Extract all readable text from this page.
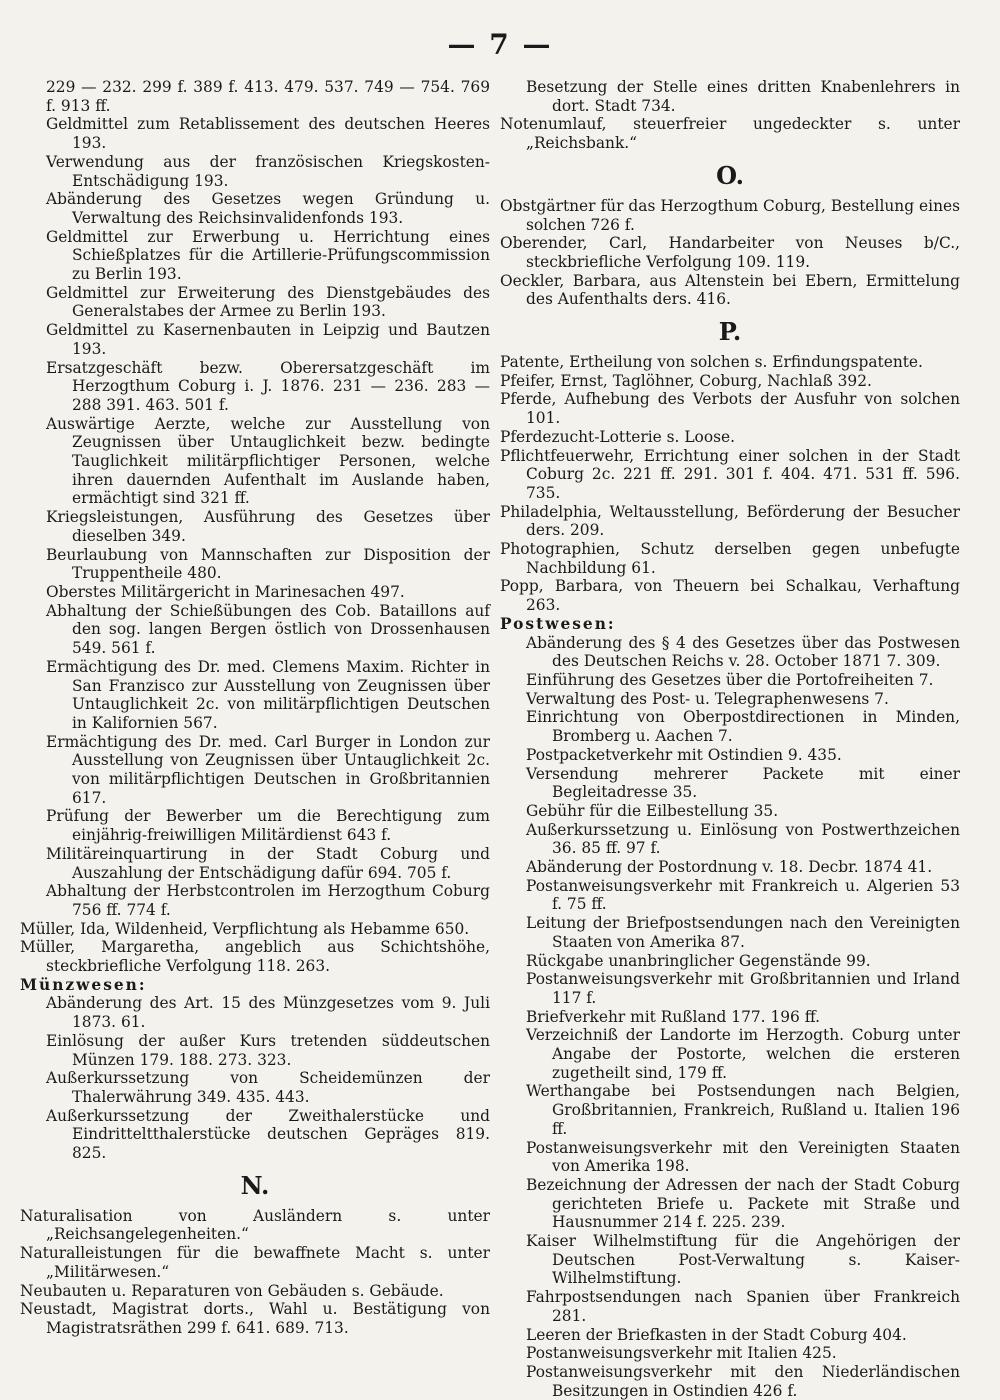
— 7 —

229 — 232. 299 f. 389 f. 413. 479. 537. 749 — 754. 769 f. 913 ff.

Geldmittel zum Retablissement des deutschen Heeres 193.

Verwendung aus der französischen Kriegskosten-Entschädigung 193.

Abänderung des Gesetzes wegen Gründung u. Verwaltung des Reichsinvalidenfonds 193.

Geldmittel zur Erwerbung u. Herrichtung eines Schießplatzes für die Artillerie-Prüfungscommission zu Berlin 193.

Geldmittel zur Erweiterung des Dienstgebäudes des Generalstabes der Armee zu Berlin 193.

Geldmittel zu Kasernenbauten in Leipzig und Bautzen 193.

Ersatzgeschäft bezw. Oberersatzgeschäft im Herzogthum Coburg i. J. 1876. 231 — 236. 283 — 288 391. 463. 501 f.

Auswärtige Aerzte, welche zur Ausstellung von Zeugnissen über Untauglichkeit bezw. bedingte Tauglichkeit militärpflichtiger Personen, welche ihren dauernden Aufenthalt im Auslande haben, ermächtigt sind 321 ff.

Kriegsleistungen, Ausführung des Gesetzes über dieselben 349.

Beurlaubung von Mannschaften zur Disposition der Truppentheile 480.

Oberstes Militärgericht in Marinesachen 497.

Abhaltung der Schießübungen des Cob. Bataillons auf den sog. langen Bergen östlich von Drossenhausen 549. 561 f.

Ermächtigung des Dr. med. Clemens Maxim. Richter in San Franzisco zur Ausstellung von Zeugnissen über Untauglichkeit 2c. von militärpflichtigen Deutschen in Kalifornien 567.

Ermächtigung des Dr. med. Carl Burger in London zur Ausstellung von Zeugnissen über Untauglichkeit 2c. von militärpflichtigen Deutschen in Großbritannien 617.

Prüfung der Bewerber um die Berechtigung zum einjährig-freiwilligen Militärdienst 643 f.

Militäreinquartirung in der Stadt Coburg und Auszahlung der Entschädigung dafür 694. 705 f.

Abhaltung der Herbstcontrolen im Herzogthum Coburg 756 ff. 774 f.

Müller, Ida, Wildenheid, Verpflichtung als Hebamme 650.

Müller, Margaretha, angeblich aus Schichtshöhe, steckbriefliche Verfolgung 118. 263.

Münzwesen:

Abänderung des Art. 15 des Münzgesetzes vom 9. Juli 1873. 61.

Einlösung der außer Kurs tretenden süddeutschen Münzen 179. 188. 273. 323.

Außerkurssetzung von Scheidemünzen der Thalerwährung 349. 435. 443.

Außerkurssetzung der Zweithalerstücke und Eindritteltthalerstücke deutschen Gepräges 819. 825.

N.

Naturalisation von Ausländern s. unter „Reichsangelegenheiten.“

Naturalleistungen für die bewaffnete Macht s. unter „Militärwesen.“

Neubauten u. Reparaturen von Gebäuden s. Gebäude.

Neustadt, Magistrat dorts., Wahl u. Bestätigung von Magistratsräthen 299 f. 641. 689. 713.

Besetzung der Stelle eines dritten Knabenlehrers in dort. Stadt 734.

Notenumlauf, steuerfreier ungedeckter s. unter „Reichsbank.“

O.

Obstgärtner für das Herzogthum Coburg, Bestellung eines solchen 726 f.

Oberender, Carl, Handarbeiter von Neuses b/C., steckbriefliche Verfolgung 109. 119.

Oeckler, Barbara, aus Altenstein bei Ebern, Ermittelung des Aufenthalts ders. 416.

P.

Patente, Ertheilung von solchen s. Erfindungspatente.

Pfeifer, Ernst, Taglöhner, Coburg, Nachlaß 392.

Pferde, Aufhebung des Verbots der Ausfuhr von solchen 101.

Pferdezucht-Lotterie s. Loose.

Pflichtfeuerwehr, Errichtung einer solchen in der Stadt Coburg 2c. 221 ff. 291. 301 f. 404. 471. 531 ff. 596. 735.

Philadelphia, Weltausstellung, Beförderung der Besucher ders. 209.

Photographien, Schutz derselben gegen unbefugte Nachbildung 61.

Popp, Barbara, von Theuern bei Schalkau, Verhaftung 263.

Postwesen:

Abänderung des § 4 des Gesetzes über das Postwesen des Deutschen Reichs v. 28. October 1871 7. 309.

Einführung des Gesetzes über die Portofreiheiten 7.

Verwaltung des Post- u. Telegraphenwesens 7.

Einrichtung von Oberpostdirectionen in Minden, Bromberg u. Aachen 7.

Postpacketverkehr mit Ostindien 9. 435.

Versendung mehrerer Packete mit einer Begleitadresse 35.

Gebühr für die Eilbestellung 35.

Außerkurssetzung u. Einlösung von Postwerthzeichen 36. 85 ff. 97 f.

Abänderung der Postordnung v. 18. Decbr. 1874 41.

Postanweisungsverkehr mit Frankreich u. Algerien 53 f. 75 ff.

Leitung der Briefpostsendungen nach den Vereinigten Staaten von Amerika 87.

Rückgabe unanbringlicher Gegenstände 99.

Postanweisungsverkehr mit Großbritannien und Irland 117 f.

Briefverkehr mit Rußland 177. 196 ff.

Verzeichniß der Landorte im Herzogth. Coburg unter Angabe der Postorte, welchen die ersteren zugetheilt sind, 179 ff.

Werthangabe bei Postsendungen nach Belgien, Großbritannien, Frankreich, Rußland u. Italien 196 ff.

Postanweisungsverkehr mit den Vereinigten Staaten von Amerika 198.

Bezeichnung der Adressen der nach der Stadt Coburg gerichteten Briefe u. Packete mit Straße und Hausnummer 214 f. 225. 239.

Kaiser Wilhelmstiftung für die Angehörigen der Deutschen Post-Verwaltung s. Kaiser-Wilhelmstiftung.

Fahrpostsendungen nach Spanien über Frankreich 281.

Leeren der Briefkasten in der Stadt Coburg 404.

Postanweisungsverkehr mit Italien 425.

Postanweisungsverkehr mit den Niederländischen Besitzungen in Ostindien 426 f.
